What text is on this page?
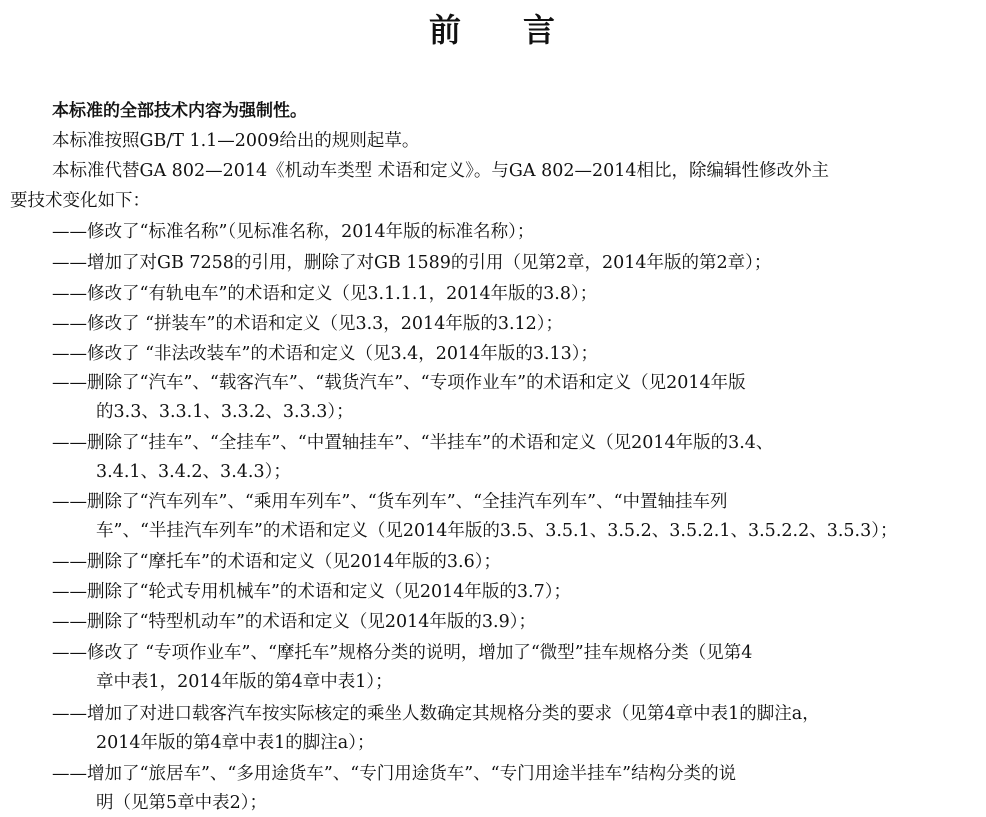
前 言
本标准的全部技术内容为强制性。
本标准按照GB/T 1.1—2009给出的规则起草。
本标准代替GA 802—2014《机动车类型 术语和定义》。与GA 802—2014相比，除编辑性修改外主
要技术变化如下：
——修改了“标准名称”（见标准名称，2014年版的标准名称）；
——增加了对GB 7258的引用，删除了对GB 1589的引用（见第2章，2014年版的第2章）；
——修改了“有轨电车”的术语和定义（见3.1.1.1，2014年版的3.8）；
——修改了 “拼装车”的术语和定义（见3.3，2014年版的3.12）；
——修改了 “非法改装车”的术语和定义（见3.4，2014年版的3.13）；
——删除了“汽车”、“载客汽车”、“载货汽车”、“专项作业车”的术语和定义（见2014年版
的3.3、3.3.1、3.3.2、3.3.3）；
——删除了“挂车”、“全挂车”、“中置轴挂车”、“半挂车”的术语和定义（见2014年版的3.4、
3.4.1、3.4.2、3.4.3）；
——删除了“汽车列车”、“乘用车列车”、“货车列车”、“全挂汽车列车”、“中置轴挂车列
车”、“半挂汽车列车”的术语和定义（见2014年版的3.5、3.5.1、3.5.2、3.5.2.1、3.5.2.2、3.5.3）；
——删除了“摩托车”的术语和定义（见2014年版的3.6）；
——删除了“轮式专用机械车”的术语和定义（见2014年版的3.7）；
——删除了“特型机动车”的术语和定义（见2014年版的3.9）；
——修改了 “专项作业车”、“摩托车”规格分类的说明，增加了“微型”挂车规格分类（见第4
章中表1，2014年版的第4章中表1）；
——增加了对进口载客汽车按实际核定的乘坐人数确定其规格分类的要求（见第4章中表1的脚注a，
2014年版的第4章中表1的脚注a）；
——增加了“旅居车”、“多用途货车”、“专门用途货车”、“专门用途半挂车”结构分类的说
明（见第5章中表2）；
